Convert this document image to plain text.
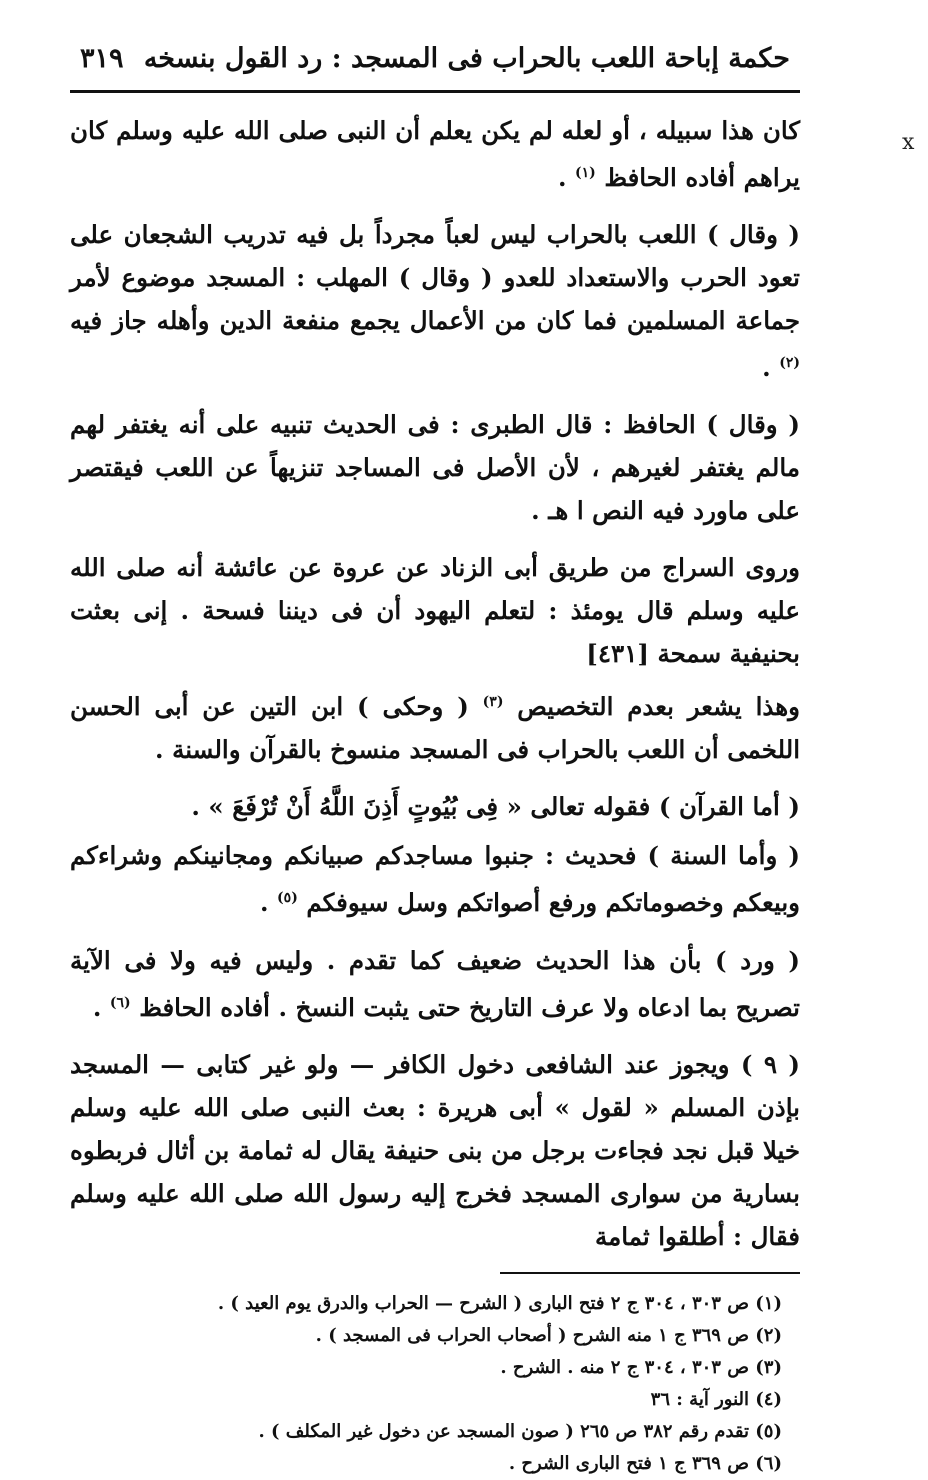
x
حكمة إباحة اللعب بالحراب فى المسجد : رد القول بنسخه
٣١٩

كان هذا سبيله ، أو لعله لم يكن يعلم أن النبى صلى الله عليه وسلم كان يراهم أفاده الحافظ $^{(١)}$ .

( وقال ) اللعب بالحراب ليس لعباً مجرداً بل فيه تدريب الشجعان على تعود الحرب والاستعداد للعدو ( وقال ) المهلب : المسجد موضوع لأمر جماعة المسلمين فما كان من الأعمال يجمع منفعة الدين وأهله جاز فيه $^{(٢)}$ .

( وقال ) الحافظ : قال الطبرى : فى الحديث تنبيه على أنه يغتفر لهم مالم يغتفر لغيرهم ، لأن الأصل فى المساجد تنزيهاً عن اللعب فيقتصر على ماورد فيه النص ا هـ .

وروى السراج من طريق أبى الزناد عن عروة عن عائشة أنه صلى الله عليه وسلم قال يومئذ : لتعلم اليهود أن فى ديننا فسحة . إنى بعثت بحنيفية سمحة [٤٣١]

وهذا يشعر بعدم التخصيص $^{(٣)}$ ( وحكى ) ابن التين عن أبى الحسن اللخمى أن اللعب بالحراب فى المسجد منسوخ بالقرآن والسنة .

( أما القرآن ) فقوله تعالى « فِى بُيُوتٍ أَذِنَ اللَّهُ أَنْ تُرْفَعَ » .

( وأما السنة ) فحديث : جنبوا مساجدكم صبيانكم ومجانينكم وشراءكم وبيعكم وخصوماتكم ورفع أصواتكم وسل سيوفكم $^{(٥)}$ .

( ورد ) بأن هذا الحديث ضعيف كما تقدم . وليس فيه ولا فى الآية تصريح بما ادعاه ولا عرف التاريخ حتى يثبت النسخ . أفاده الحافظ $^{(٦)}$ .

( ٩ ) ويجوز عند الشافعى دخول الكافر — ولو غير كتابى — المسجد بإذن المسلم « لقول » أبى هريرة : بعث النبى صلى الله عليه وسلم خيلا قبل نجد فجاءت برجل من بنى حنيفة يقال له ثمامة بن أثال فربطوه بسارية من سوارى المسجد فخرج إليه رسول الله صلى الله عليه وسلم فقال : أطلقوا ثمامة

(١) ص ٣٠٣ ، ٣٠٤ ج ٢ فتح البارى ( الشرح — الحراب والدرق يوم العيد ) .

(٢) ص ٣٦٩ ج ١ منه الشرح ( أصحاب الحراب فى المسجد ) .

(٣) ص ٣٠٣ ، ٣٠٤ ج ٢ منه . الشرح .

(٤) النور آية : ٣٦

(٥) تقدم رقم ٣٨٢ ص ٢٦٥ ( صون المسجد عن دخول غير المكلف ) .

(٦) ص ٣٦٩ ج ١ فتح البارى الشرح .
